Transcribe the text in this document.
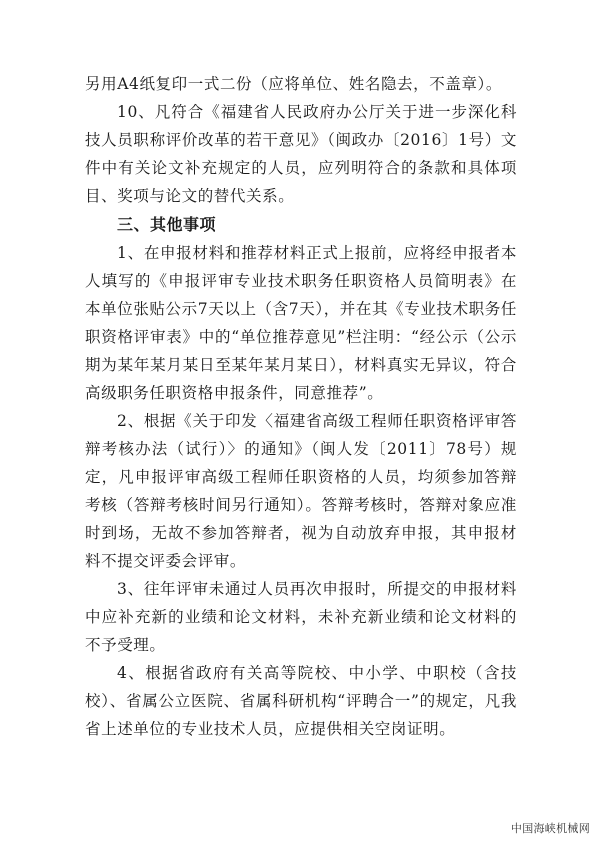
另用A4纸复印一式二份（应将单位、姓名隐去，不盖章）。

10、凡符合《福建省人民政府办公厅关于进一步深化科技人员职称评价改革的若干意见》（闽政办〔2016〕1号）文件中有关论文补充规定的人员，应列明符合的条款和具体项目、奖项与论文的替代关系。

三、其他事项

1、在申报材料和推荐材料正式上报前，应将经申报者本人填写的《申报评审专业技术职务任职资格人员简明表》在本单位张贴公示7天以上（含7天），并在其《专业技术职务任职资格评审表》中的“单位推荐意见”栏注明：“经公示（公示期为某年某月某日至某年某月某日），材料真实无异议，符合高级职务任职资格申报条件，同意推荐”。

2、根据《关于印发〈福建省高级工程师任职资格评审答辩考核办法（试行）〉的通知》（闽人发〔2011〕78号）规定，凡申报评审高级工程师任职资格的人员，均须参加答辩考核（答辩考核时间另行通知）。答辩考核时，答辩对象应准时到场，无故不参加答辩者，视为自动放弃申报，其申报材料不提交评委会评审。

3、往年评审未通过人员再次申报时，所提交的申报材料中应补充新的业绩和论文材料，未补充新业绩和论文材料的不予受理。

4、根据省政府有关高等院校、中小学、中职校（含技校）、省属公立医院、省属科研机构“评聘合一”的规定，凡我省上述单位的专业技术人员，应提供相关空岗证明。

中国海峡机械网
